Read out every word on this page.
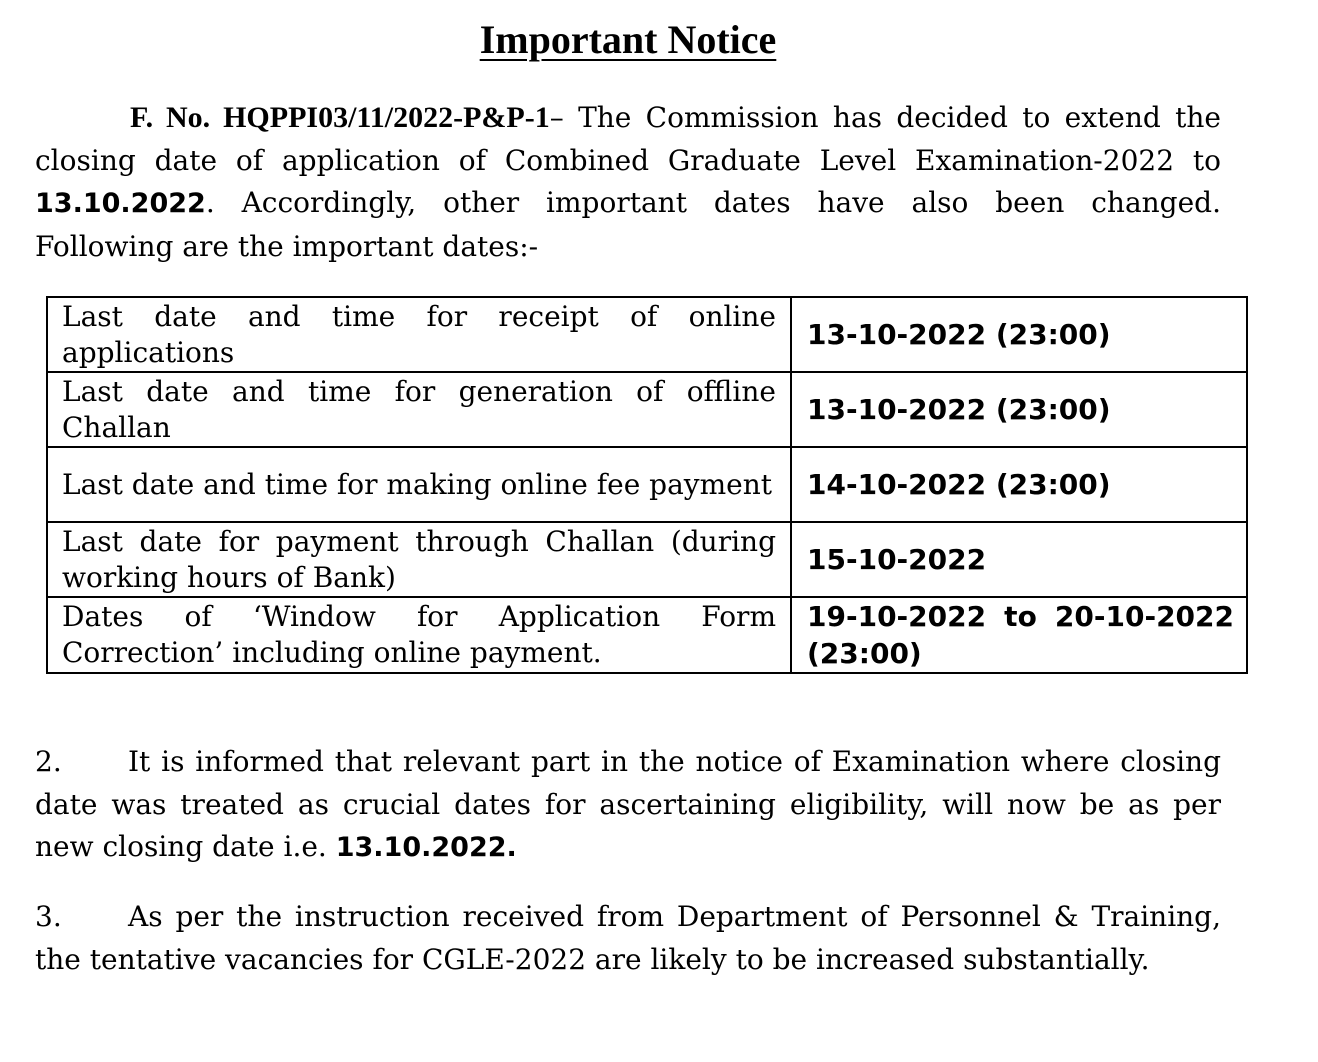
Important Notice
F. No. HQPPI03/11/2022-P&P-1– The Commission has decided to extend the closing date of application of Combined Graduate Level Examination-2022 to 13.10.2022. Accordingly, other important dates have also been changed. Following are the important dates:-
Last date and time for receipt of online applications	13-10-2022 (23:00)
Last date and time for generation of offline Challan	13-10-2022 (23:00)
Last date and time for making online fee payment	14-10-2022 (23:00)
Last date for payment through Challan (during working hours of Bank)	15-10-2022
Dates of ‘Window for Application Form Correction’ including online payment.	19-10-2022 to 20-10-2022 (23:00)
2. It is informed that relevant part in the notice of Examination where closing date was treated as crucial dates for ascertaining eligibility, will now be as per new closing date i.e. 13.10.2022.
3. As per the instruction received from Department of Personnel & Training, the tentative vacancies for CGLE-2022 are likely to be increased substantially.
